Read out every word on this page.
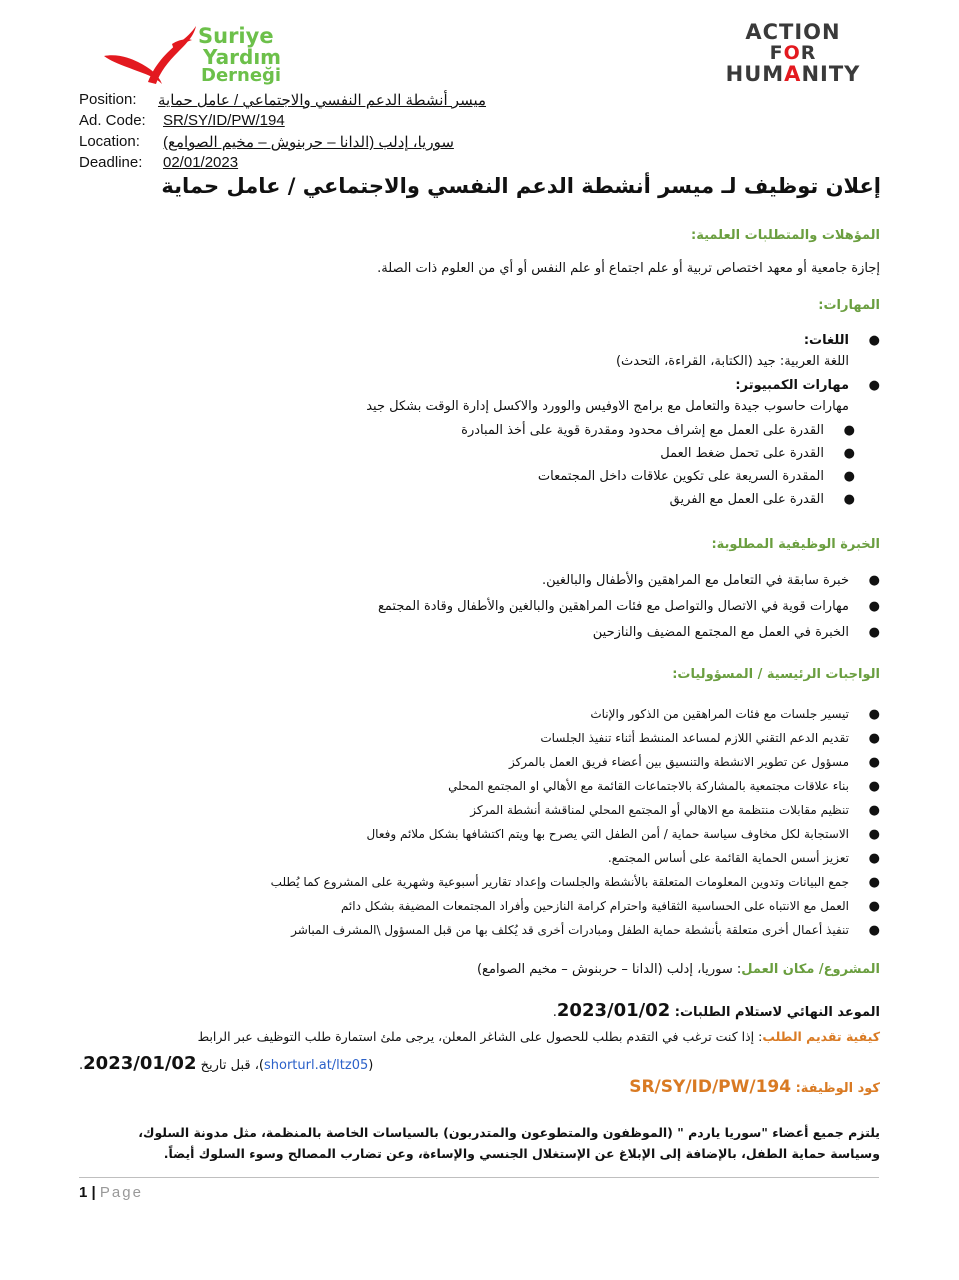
Suriye
Yardım
Derneği
ACTION
FOR
HUMANITY
Position:	ميسر أنشطة الدعم النفسي والاجتماعي / عامل حماية
Ad. Code:	SR/SY/ID/PW/194
Location:	سوريا، إدلب (الدانا – حربنوش – مخيم الصوامع)
Deadline:	02/01/2023
إعلان توظيف لـ ميسر أنشطة الدعم النفسي والاجتماعي / عامل حماية
المؤهلات والمتطلبات العلمية:
إجازة جامعية أو معهد اختصاص تربية أو علم اجتماع أو علم النفس أو أي من العلوم ذات الصلة.
المهارات:
●
اللغات:
اللغة العربية: جيد (الكتابة، القراءة، التحدث)
●
مهارات الكمبيوتر:
مهارات حاسوب جيدة والتعامل مع برامج الاوفيس والوورد والاكسل إدارة الوقت بشكل جيد
●
القدرة على العمل مع إشراف محدود ومقدرة قوية على أخذ المبادرة
●
القدرة على تحمل ضغط العمل
●
المقدرة السريعة على تكوين علاقات داخل المجتمعات
●
القدرة على العمل مع الفريق
الخبرة الوظيفية المطلوبة:
●
خبرة سابقة في التعامل مع المراهقين والأطفال والبالغين.
●
مهارات قوية في الاتصال والتواصل مع فئات المراهقين والبالغين والأطفال وقادة المجتمع
●
الخبرة في العمل مع المجتمع المضيف والنازحين
الواجبات الرئيسية / المسؤوليات:
●
تيسير جلسات مع فئات المراهقين من الذكور والإناث
●
تقديم الدعم التقني اللازم لمساعد المنشط أثناء تنفيذ الجلسات
●
مسؤول عن تطوير الانشطة والتنسيق بين أعضاء فريق العمل بالمركز
●
بناء علاقات مجتمعية بالمشاركة بالاجتماعات القائمة مع الأهالي او المجتمع المحلي
●
تنظيم مقابلات منتظمة مع الاهالي أو المجتمع المحلي لمناقشة أنشطة المركز
●
الاستجابة لكل مخاوف سياسة حماية / أمن الطفل التي يصرح بها ويتم اكتشافها بشكل ملائم وفعال
●
تعزيز أسس الحماية القائمة على أساس المجتمع.
●
جمع البيانات وتدوين المعلومات المتعلقة بالأنشطة والجلسات وإعداد تقارير أسبوعية وشهرية على المشروع كما يُطلب
●
العمل مع الانتباه على الحساسية الثقافية واحترام كرامة النازحين وأفراد المجتمعات المضيفة بشكل دائم
●
تنفيذ أعمال أخرى متعلقة بأنشطة حماية الطفل ومبادرات أخرى قد يُكلف بها من قبل المسؤول \المشرف المباشر
المشروع/ مكان العمل: سوريا، إدلب (الدانا – حربنوش – مخيم الصوامع)
الموعد النهائي لاستلام الطلبات: 2023/01/02.
كيفية تقديم الطلب: إذا كنت ترغب في التقدم بطلب للحصول على الشاغر المعلن، يرجى ملئ استمارة طلب التوظيف عبر الرابط
(shorturl.at/ltz05)، قبل تاريخ 2023/01/02.
كود الوظيفة: SR/SY/ID/PW/194
يلتزم جميع أعضاء "سوريا ياردم " (الموظفون والمتطوعون والمتدربون) بالسياسات الخاصة بالمنظمة، مثل مدونة السلوك،
وسياسة حماية الطفل، بالإضافة إلى الإبلاغ عن الإستغلال الجنسي والإساءة، وعن تضارب المصالح وسوء السلوك أيضاً.
1 | Page
